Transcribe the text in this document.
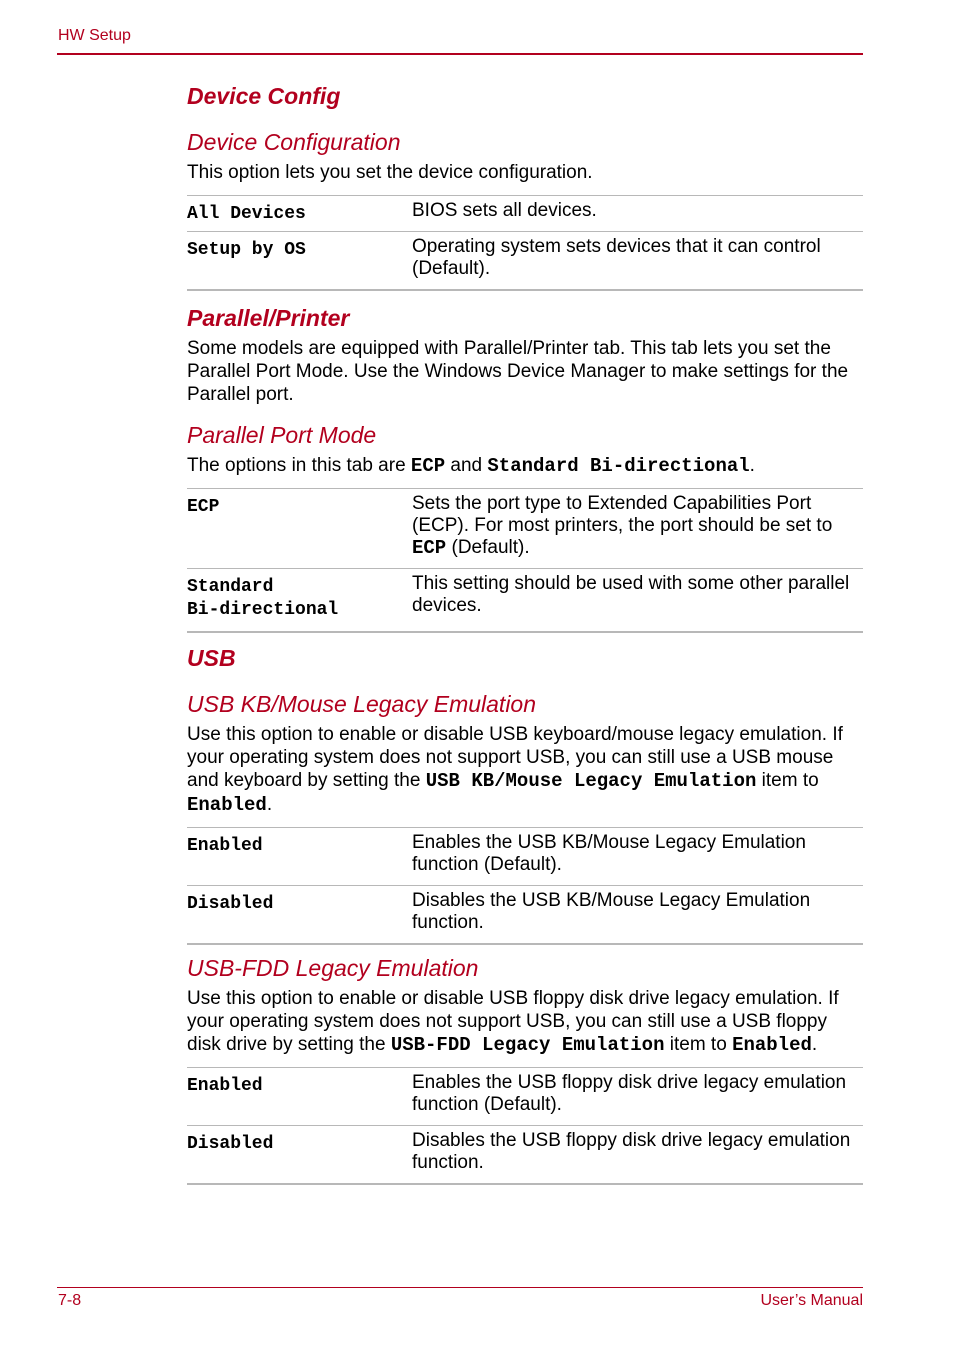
HW Setup

Device Config

Device Configuration

This option lets you set the device configuration.

All Devices	BIOS sets all devices.
Setup by OS	Operating system sets devices that it can control (Default).

Parallel/Printer

Some models are equipped with Parallel/Printer tab. This tab lets you set the Parallel Port Mode. Use the Windows Device Manager to make settings for the Parallel port.

Parallel Port Mode

The options in this tab are ECP and Standard Bi-directional.

ECP	Sets the port type to Extended Capabilities Port (ECP). For most printers, the port should be set to ECP (Default).
Standard
Bi-directional	This setting should be used with some other parallel devices.

USB

USB KB/Mouse Legacy Emulation

Use this option to enable or disable USB keyboard/mouse legacy emulation. If your operating system does not support USB, you can still use a USB mouse and keyboard by setting the USB KB/Mouse Legacy Emulation item to Enabled.

Enabled	Enables the USB KB/Mouse Legacy Emulation function (Default).
Disabled	Disables the USB KB/Mouse Legacy Emulation function.

USB-FDD Legacy Emulation

Use this option to enable or disable USB floppy disk drive legacy emulation. If your operating system does not support USB, you can still use a USB floppy disk drive by setting the USB-FDD Legacy Emulation item to Enabled.

Enabled	Enables the USB floppy disk drive legacy emulation function (Default).
Disabled	Disables the USB floppy disk drive legacy emulation function.
7-8	User’s Manual
